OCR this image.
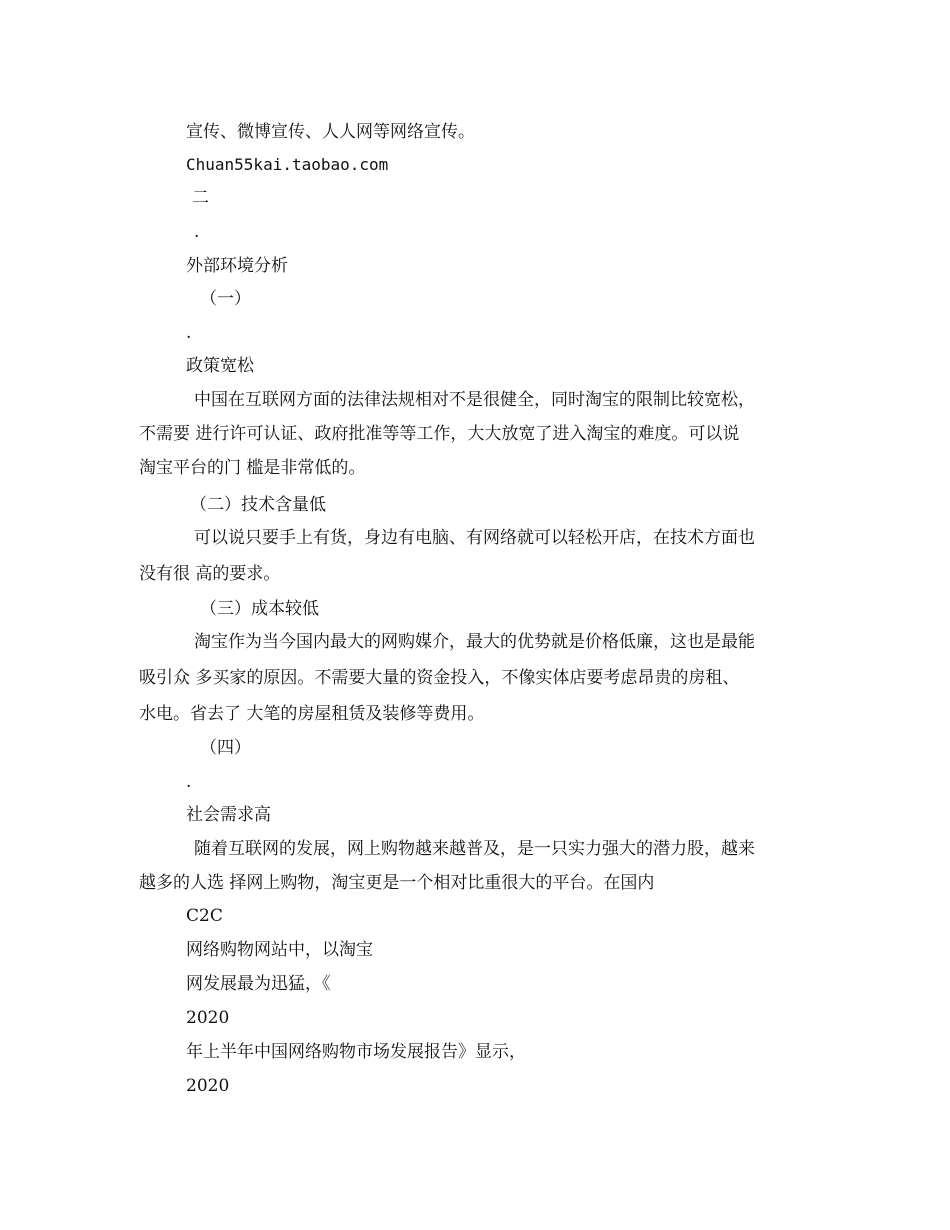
宣传、微博宣传、人人网等网络宣传。
Chuan55kai.taobao.com
二
.
外部环境分析
（一）
.
政策宽松
中国在互联网方面的法律法规相对不是很健全，同时淘宝的限制比较宽松，
不需要 进行许可认证、政府批准等等工作，大大放宽了进入淘宝的难度。可以说
淘宝平台的门 槛是非常低的。
（二）技术含量低
可以说只要手上有货，身边有电脑、有网络就可以轻松开店，在技术方面也
没有很 高的要求。
（三）成本较低
淘宝作为当今国内最大的网购媒介，最大的优势就是价格低廉，这也是最能
吸引众 多买家的原因。不需要大量的资金投入，不像实体店要考虑昂贵的房租、
水电。省去了 大笔的房屋租赁及装修等费用。
（四）
.
社会需求高
随着互联网的发展，网上购物越来越普及，是一只实力强大的潜力股，越来
越多的人选 择网上购物，淘宝更是一个相对比重很大的平台。在国内
C2C
网络购物网站中，以淘宝
网发展最为迅猛，《
2020
年上半年中国网络购物市场发展报告》显示，
2020
